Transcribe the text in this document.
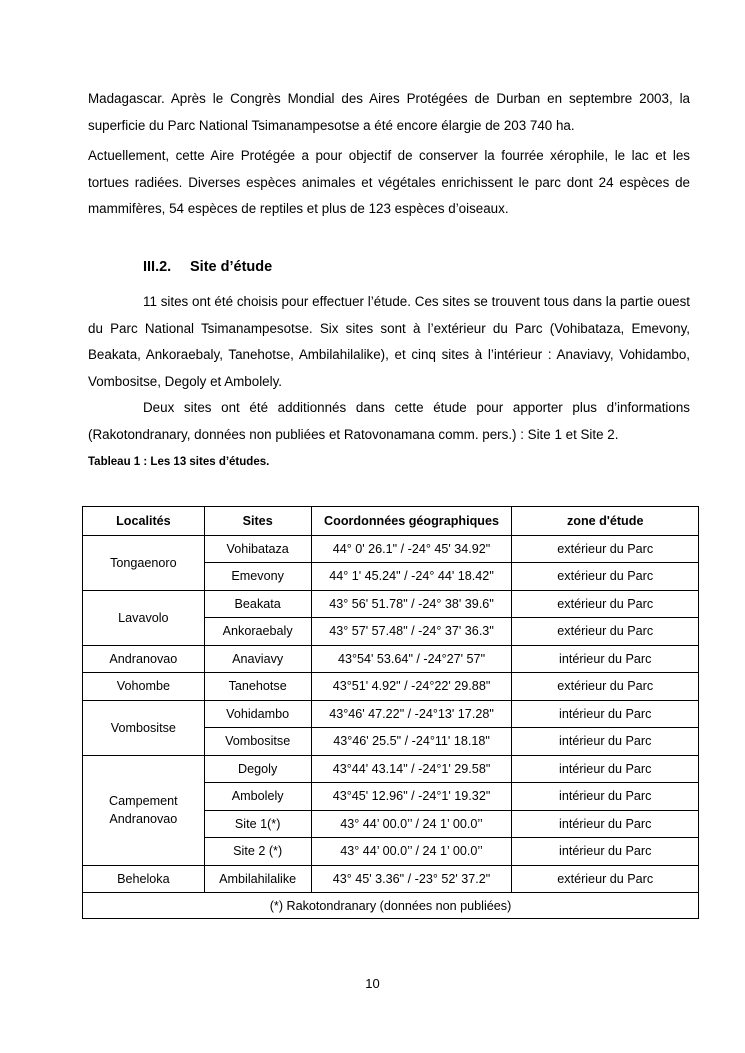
Madagascar. Après le Congrès Mondial des Aires Protégées de Durban en septembre 2003, la superficie du Parc National Tsimanampesotse a été encore élargie de 203 740 ha.

Actuellement, cette Aire Protégée a pour objectif de conserver la fourrée xérophile, le lac et les tortues radiées. Diverses espèces animales et végétales enrichissent le parc dont 24 espèces de mammifères, 54 espèces de reptiles et plus de 123 espèces d’oiseaux.

III.2. Site d’étude

11 sites ont été choisis pour effectuer l’étude. Ces sites se trouvent tous dans la partie ouest du Parc National Tsimanampesotse. Six sites sont à l’extérieur du Parc (Vohibataza, Emevony, Beakata, Ankoraebaly, Tanehotse, Ambilahilalike), et cinq sites à l’intérieur : Anaviavy, Vohidambo, Vombositse, Degoly et Ambolely.

Deux sites ont été additionnés dans cette étude pour apporter plus d’informations (Rakotondranary, données non publiées et Ratovonamana comm. pers.) : Site 1 et Site 2.

Tableau 1 : Les 13 sites d’études.

Localités	Sites	Coordonnées géographiques	zone d'étude
Tongaenoro	Vohibataza	44° 0' 26.1" / -24° 45' 34.92"	extérieur du Parc
	Emevony	44° 1' 45.24" / -24° 44' 18.42"	extérieur du Parc
Lavavolo	Beakata	43° 56' 51.78" / -24° 38' 39.6"	extérieur du Parc
	Ankoraebaly	43° 57' 57.48" / -24° 37' 36.3"	extérieur du Parc
Andranovao	Anaviavy	43°54' 53.64" / -24°27' 57"	intérieur du Parc
Vohombe	Tanehotse	43°51' 4.92" / -24°22' 29.88"	extérieur du Parc
Vombositse	Vohidambo	43°46' 47.22" / -24°13' 17.28"	intérieur du Parc
	Vombositse	43°46' 25.5" / -24°11' 18.18"	intérieur du Parc

Campement
Andranovao	Degoly	43°44' 43.14" / -24°1' 29.58"	intérieur du Parc
	Ambolely	43°45' 12.96" / -24°1' 19.32"	intérieur du Parc
	Site 1(*)	43° 44’ 00.0’’ / 24 1’ 00.0’’	intérieur du Parc
	Site 2 (*)	43° 44’ 00.0’’ / 24 1’ 00.0’’	intérieur du Parc
Beheloka	Ambilahilalike	43° 45' 3.36" / -23° 52' 37.2"	extérieur du Parc
(*) Rakotondranary (données non publiées)			
10
